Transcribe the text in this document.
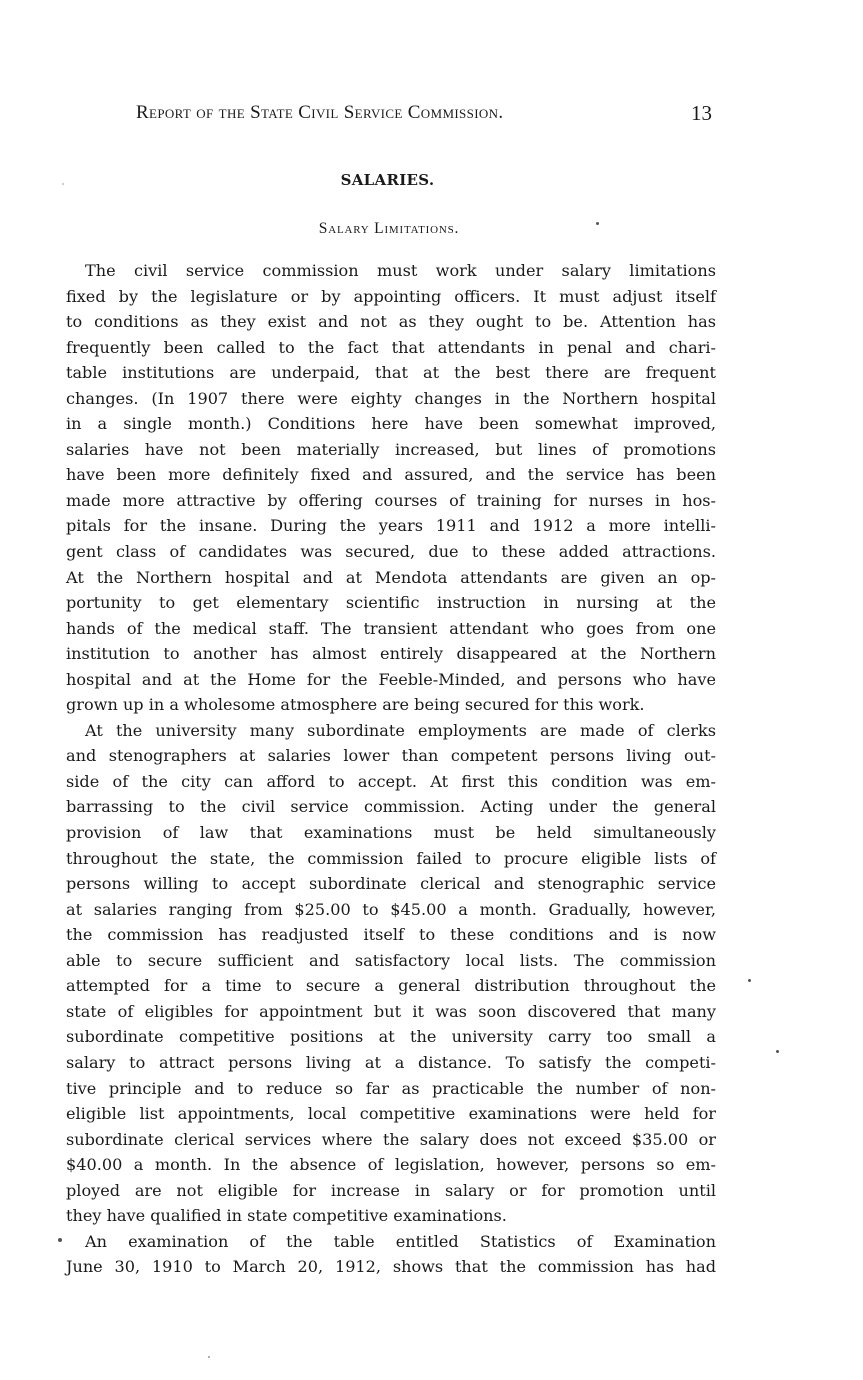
Report of the State Civil Service Commission.	13
SALARIES.
Salary Limitations.
The civil service commission must work under salary limitations
fixed by the legislature or by appointing officers. It must adjust itself
to conditions as they exist and not as they ought to be. Attention has
frequently been called to the fact that attendants in penal and chari-
table institutions are underpaid, that at the best there are frequent
changes. (In 1907 there were eighty changes in the Northern hospital
in a single month.) Conditions here have been somewhat improved,
salaries have not been materially increased, but lines of promotions
have been more definitely fixed and assured, and the service has been
made more attractive by offering courses of training for nurses in hos-
pitals for the insane. During the years 1911 and 1912 a more intelli-
gent class of candidates was secured, due to these added attractions.
At the Northern hospital and at Mendota attendants are given an op-
portunity to get elementary scientific instruction in nursing at the
hands of the medical staff. The transient attendant who goes from one
institution to another has almost entirely disappeared at the Northern
hospital and at the Home for the Feeble-Minded, and persons who have
grown up in a wholesome atmosphere are being secured for this work.
At the university many subordinate employments are made of clerks
and stenographers at salaries lower than competent persons living out-
side of the city can afford to accept. At first this condition was em-
barrassing to the civil service commission. Acting under the general
provision of law that examinations must be held simultaneously
throughout the state, the commission failed to procure eligible lists of
persons willing to accept subordinate clerical and stenographic service
at salaries ranging from $25.00 to $45.00 a month. Gradually, however,
the commission has readjusted itself to these conditions and is now
able to secure sufficient and satisfactory local lists. The commission
attempted for a time to secure a general distribution throughout the
state of eligibles for appointment but it was soon discovered that many
subordinate competitive positions at the university carry too small a
salary to attract persons living at a distance. To satisfy the competi-
tive principle and to reduce so far as practicable the number of non-
eligible list appointments, local competitive examinations were held for
subordinate clerical services where the salary does not exceed $35.00 or
$40.00 a month. In the absence of legislation, however, persons so em-
ployed are not eligible for increase in salary or for promotion until
they have qualified in state competitive examinations.
An examination of the table entitled Statistics of Examination
June 30, 1910 to March 20, 1912, shows that the commission has had
